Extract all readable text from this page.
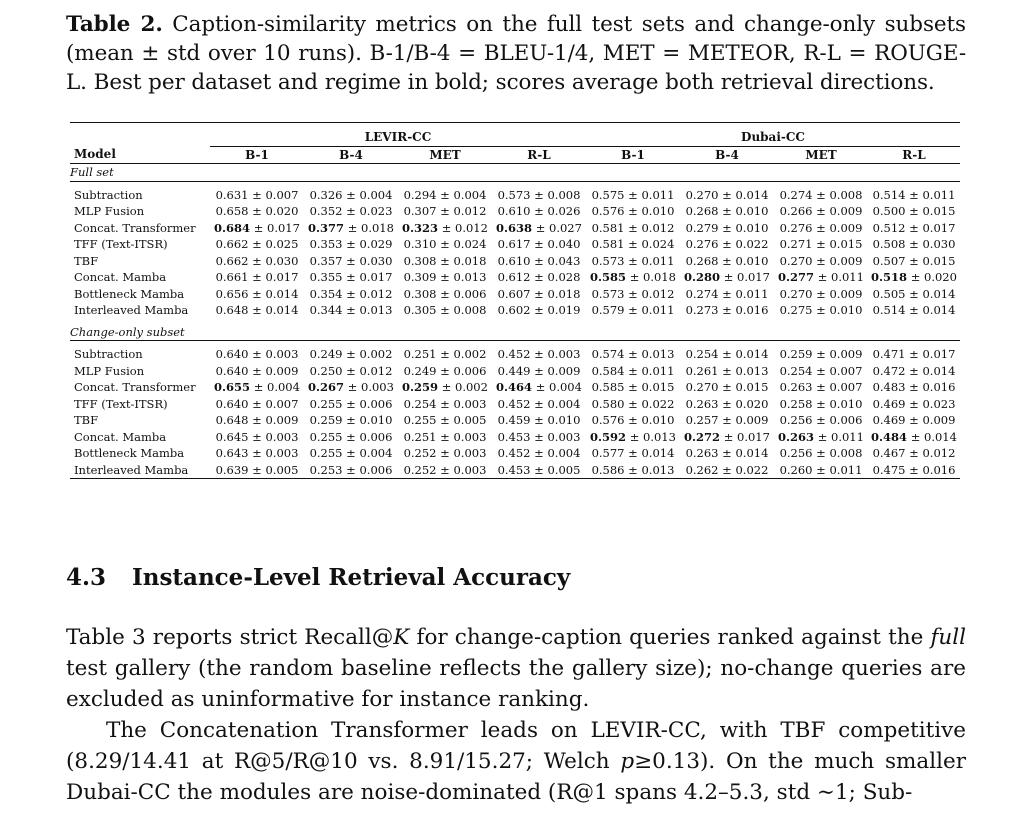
Table 2. Caption-similarity metrics on the full test sets and change-only subsets (mean ± std over 10 runs). B-1/B-4 = BLEU-1/4, MET = METEOR, R-L = ROUGE-L. Best per dataset and regime in bold; scores average both retrieval directions.

	LEVIR-CC				Dubai-CC			
Model	B-1	B-4	MET	R-L	B-1	B-4	MET	R-L

Full set								

Subtraction	0.631 ± 0.007	0.326 ± 0.004	0.294 ± 0.004	0.573 ± 0.008	0.575 ± 0.011	0.270 ± 0.014	0.274 ± 0.008	0.514 ± 0.011
MLP Fusion	0.658 ± 0.020	0.352 ± 0.023	0.307 ± 0.012	0.610 ± 0.026	0.576 ± 0.010	0.268 ± 0.010	0.266 ± 0.009	0.500 ± 0.015
Concat. Transformer	0.684 ± 0.017	0.377 ± 0.018	0.323 ± 0.012	0.638 ± 0.027	0.581 ± 0.012	0.279 ± 0.010	0.276 ± 0.009	0.512 ± 0.017
TFF (Text-ITSR)	0.662 ± 0.025	0.353 ± 0.029	0.310 ± 0.024	0.617 ± 0.040	0.581 ± 0.024	0.276 ± 0.022	0.271 ± 0.015	0.508 ± 0.030
TBF	0.662 ± 0.030	0.357 ± 0.030	0.308 ± 0.018	0.610 ± 0.043	0.573 ± 0.011	0.268 ± 0.010	0.270 ± 0.009	0.507 ± 0.015
Concat. Mamba	0.661 ± 0.017	0.355 ± 0.017	0.309 ± 0.013	0.612 ± 0.028	0.585 ± 0.018	0.280 ± 0.017	0.277 ± 0.011	0.518 ± 0.020
Bottleneck Mamba	0.656 ± 0.014	0.354 ± 0.012	0.308 ± 0.006	0.607 ± 0.018	0.573 ± 0.012	0.274 ± 0.011	0.270 ± 0.009	0.505 ± 0.014
Interleaved Mamba	0.648 ± 0.014	0.344 ± 0.013	0.305 ± 0.008	0.602 ± 0.019	0.579 ± 0.011	0.273 ± 0.016	0.275 ± 0.010	0.514 ± 0.014

Change-only subset								

Subtraction	0.640 ± 0.003	0.249 ± 0.002	0.251 ± 0.002	0.452 ± 0.003	0.574 ± 0.013	0.254 ± 0.014	0.259 ± 0.009	0.471 ± 0.017
MLP Fusion	0.640 ± 0.009	0.250 ± 0.012	0.249 ± 0.006	0.449 ± 0.009	0.584 ± 0.011	0.261 ± 0.013	0.254 ± 0.007	0.472 ± 0.014
Concat. Transformer	0.655 ± 0.004	0.267 ± 0.003	0.259 ± 0.002	0.464 ± 0.004	0.585 ± 0.015	0.270 ± 0.015	0.263 ± 0.007	0.483 ± 0.016
TFF (Text-ITSR)	0.640 ± 0.007	0.255 ± 0.006	0.254 ± 0.003	0.452 ± 0.004	0.580 ± 0.022	0.263 ± 0.020	0.258 ± 0.010	0.469 ± 0.023
TBF	0.648 ± 0.009	0.259 ± 0.010	0.255 ± 0.005	0.459 ± 0.010	0.576 ± 0.010	0.257 ± 0.009	0.256 ± 0.006	0.469 ± 0.009
Concat. Mamba	0.645 ± 0.003	0.255 ± 0.006	0.251 ± 0.003	0.453 ± 0.003	0.592 ± 0.013	0.272 ± 0.017	0.263 ± 0.011	0.484 ± 0.014
Bottleneck Mamba	0.643 ± 0.003	0.255 ± 0.004	0.252 ± 0.003	0.452 ± 0.004	0.577 ± 0.014	0.263 ± 0.014	0.256 ± 0.008	0.467 ± 0.012
Interleaved Mamba	0.639 ± 0.005	0.253 ± 0.006	0.252 ± 0.003	0.453 ± 0.005	0.586 ± 0.013	0.262 ± 0.022	0.260 ± 0.011	0.475 ± 0.016

4.3 Instance-Level Retrieval Accuracy

Table 3 reports strict Recall@K for change-caption queries ranked against the full test gallery (the random baseline reflects the gallery size); no-change queries are excluded as uninformative for instance ranking.

The Concatenation Transformer leads on LEVIR-CC, with TBF competitive (8.29/14.41 at R@5/R@10 vs. 8.91/15.27; Welch p≥0.13). On the much smaller Dubai-CC the modules are noise-dominated (R@1 spans 4.2–5.3, std ∼1; Sub-
